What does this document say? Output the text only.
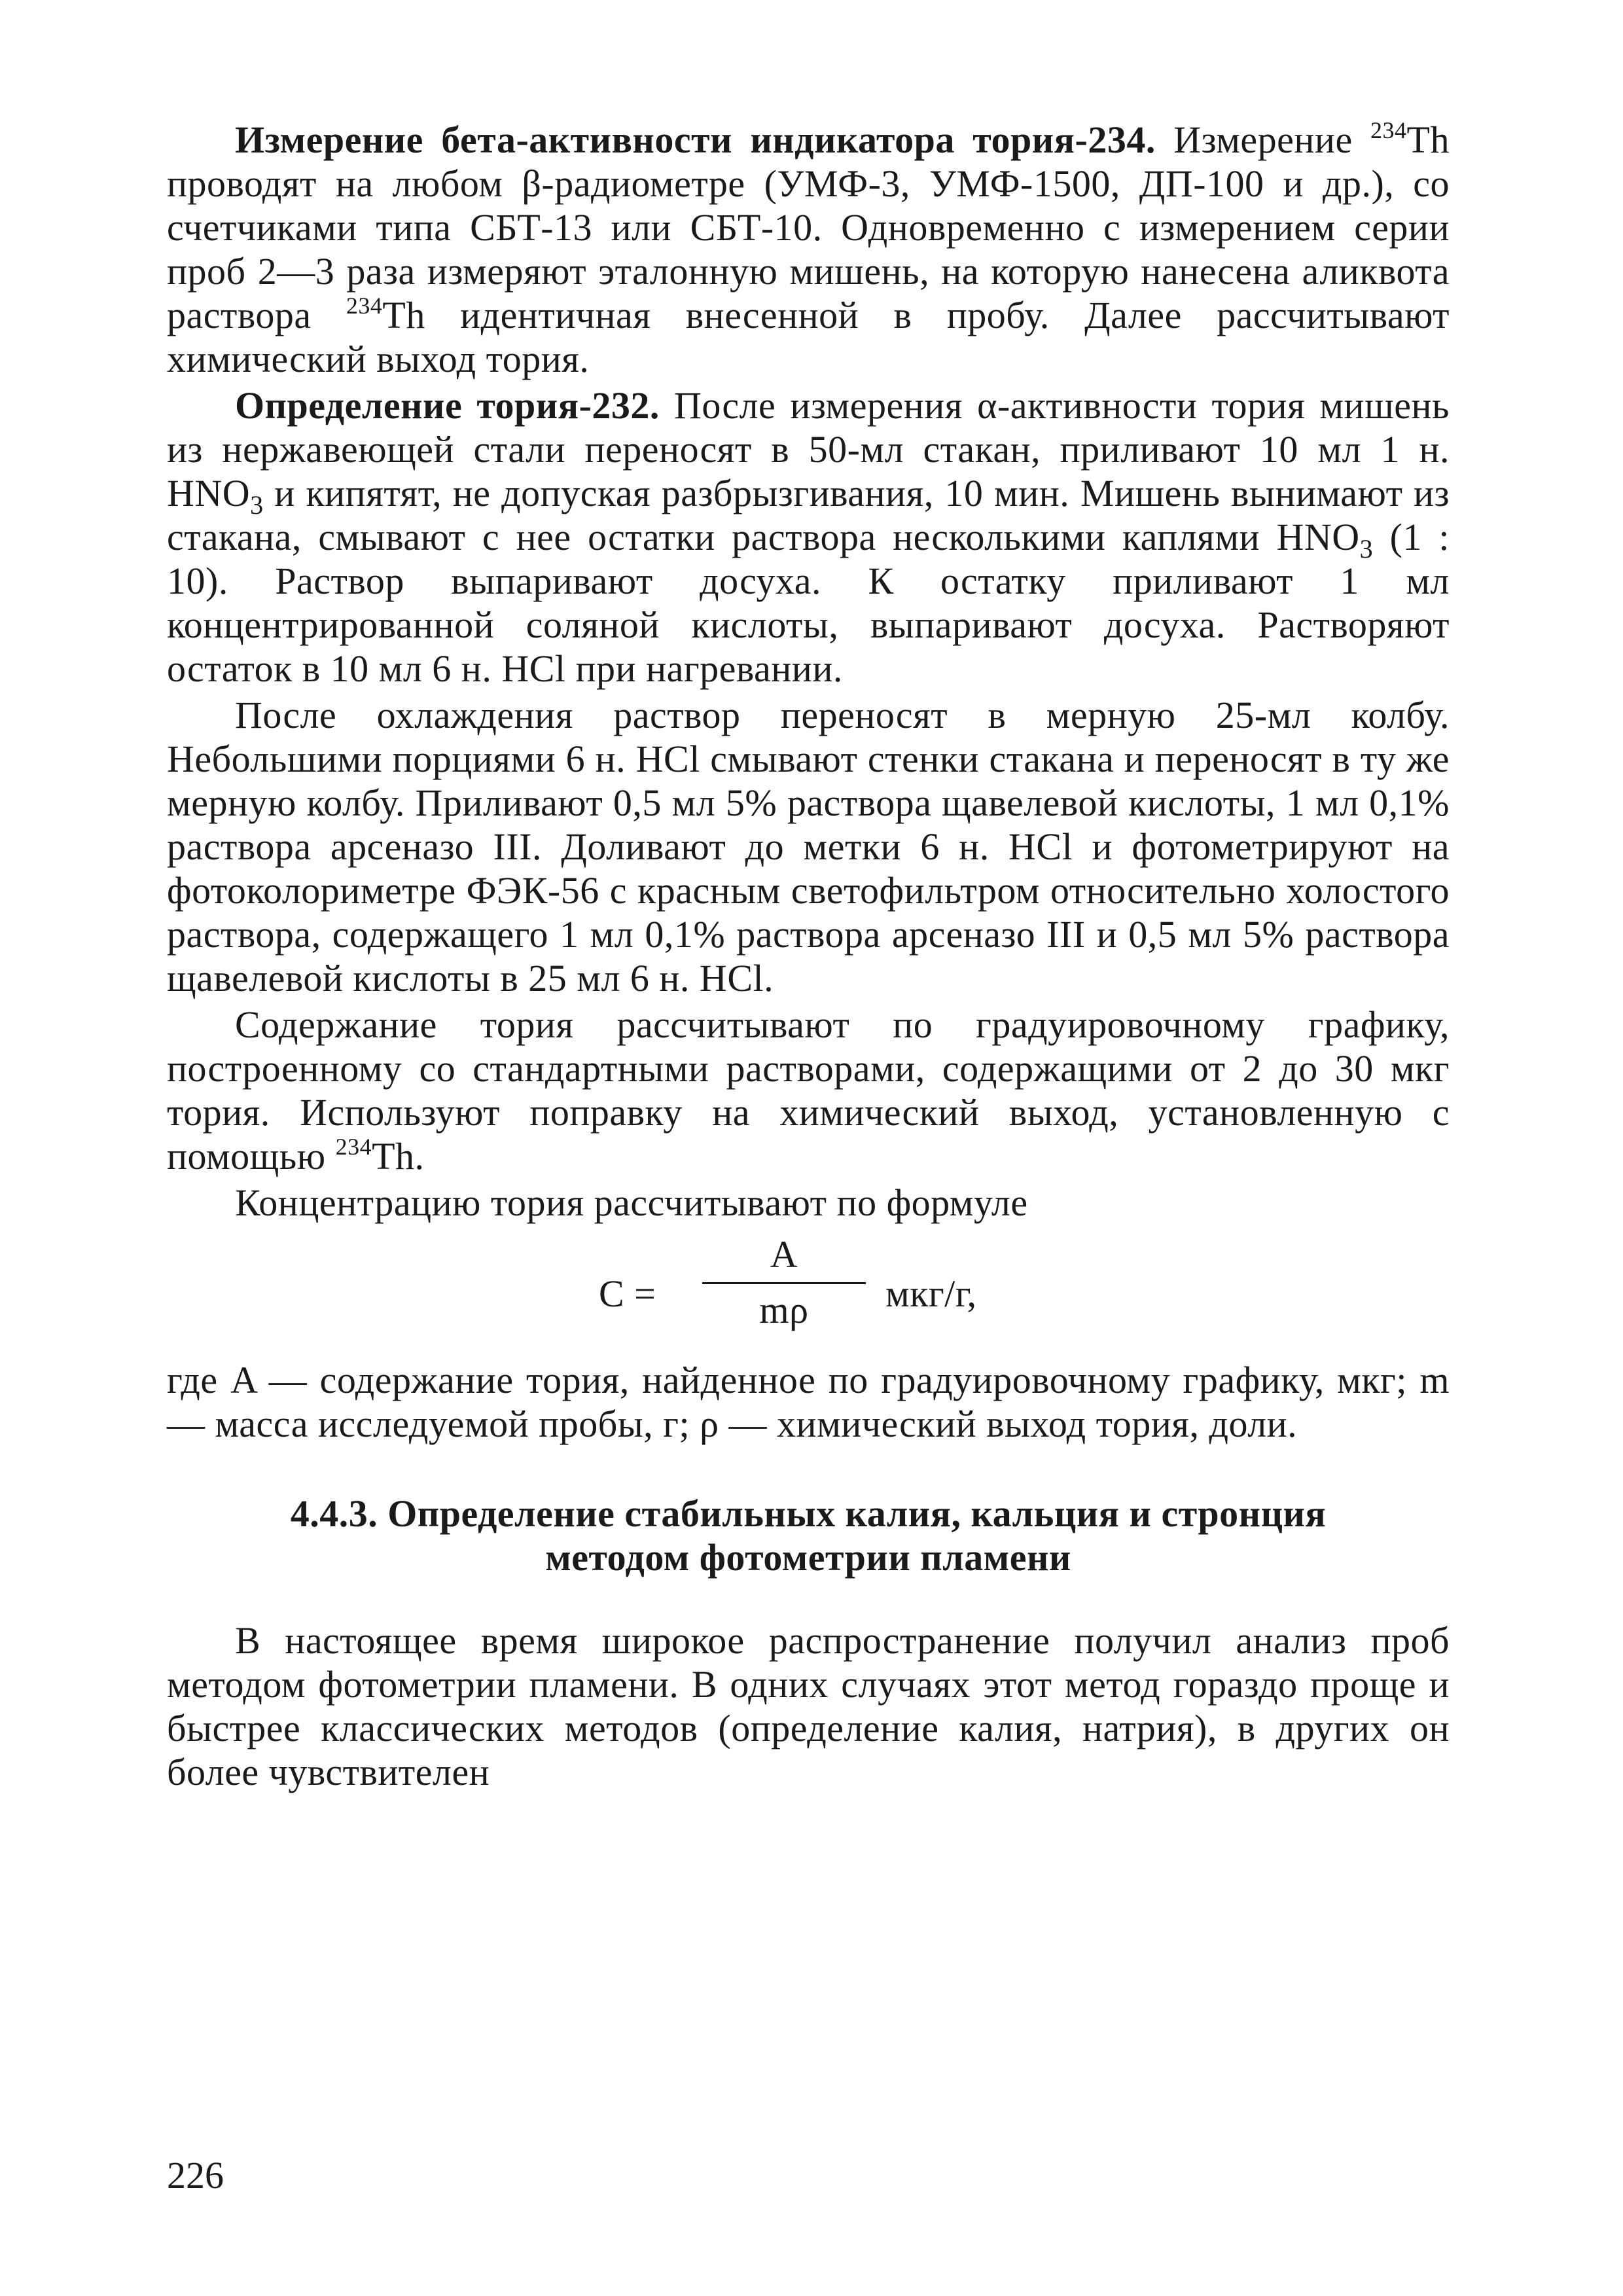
Измерение бета-активности индикатора тория-234. Измерение $^{234}$Th проводят на любом β-радиометре (УМФ-3, УМФ-1500, ДП-100 и др.), со счетчиками типа СБТ-13 или СБТ-10. Одновременно с измерением серии проб 2—3 раза измеряют эталонную мишень, на которую нанесена аликвота раствора $^{234}$Th идентичная внесенной в пробу. Далее рассчитывают химический выход тория.

Определение тория-232. После измерения α-активности тория мишень из нержавеющей стали переносят в 50-мл стакан, приливают 10 мл 1 н. $HNO_3$ и кипятят, не допуская разбрызгивания, 10 мин. Мишень вынимают из стакана, смывают с нее остатки раствора несколькими каплями $HNO_3$ (1 : 10). Раствор выпаривают досуха. К остатку приливают 1 мл концентрированной соляной кислоты, выпаривают досуха. Растворяют остаток в 10 мл 6 н. HCl при нагревании.

После охлаждения раствор переносят в мерную 25-мл колбу. Небольшими порциями 6 н. HCl смывают стенки стакана и переносят в ту же мерную колбу. Приливают 0,5 мл 5% раствора щавелевой кислоты, 1 мл 0,1% раствора арсеназо III. Доливают до метки 6 н. HCl и фотометрируют на фотоколориметре ФЭК-56 с красным светофильтром относительно холостого раствора, содержащего 1 мл 0,1% раствора арсеназо III и 0,5 мл 5% раствора щавелевой кислоты в 25 мл 6 н. HCl.

Содержание тория рассчитывают по градуировочному графику, построенному со стандартными растворами, содержащими от 2 до 30 мкг тория. Используют поправку на химический выход, установленную с помощью $^{234}$Th.

Концентрацию тория рассчитывают по формуле

C =
A
mρ	мкг/г,

где A — содержание тория, найденное по градуировочному графику, мкг; m — масса исследуемой пробы, г; ρ — химический выход тория, доли.

4.4.3. Определение стабильных калия, кальция и стронция
методом фотометрии пламени

В настоящее время широкое распространение получил анализ проб методом фотометрии пламени. В одних случаях этот метод гораздо проще и быстрее классических методов (определение калия, натрия), в других он более чувствителен

226
